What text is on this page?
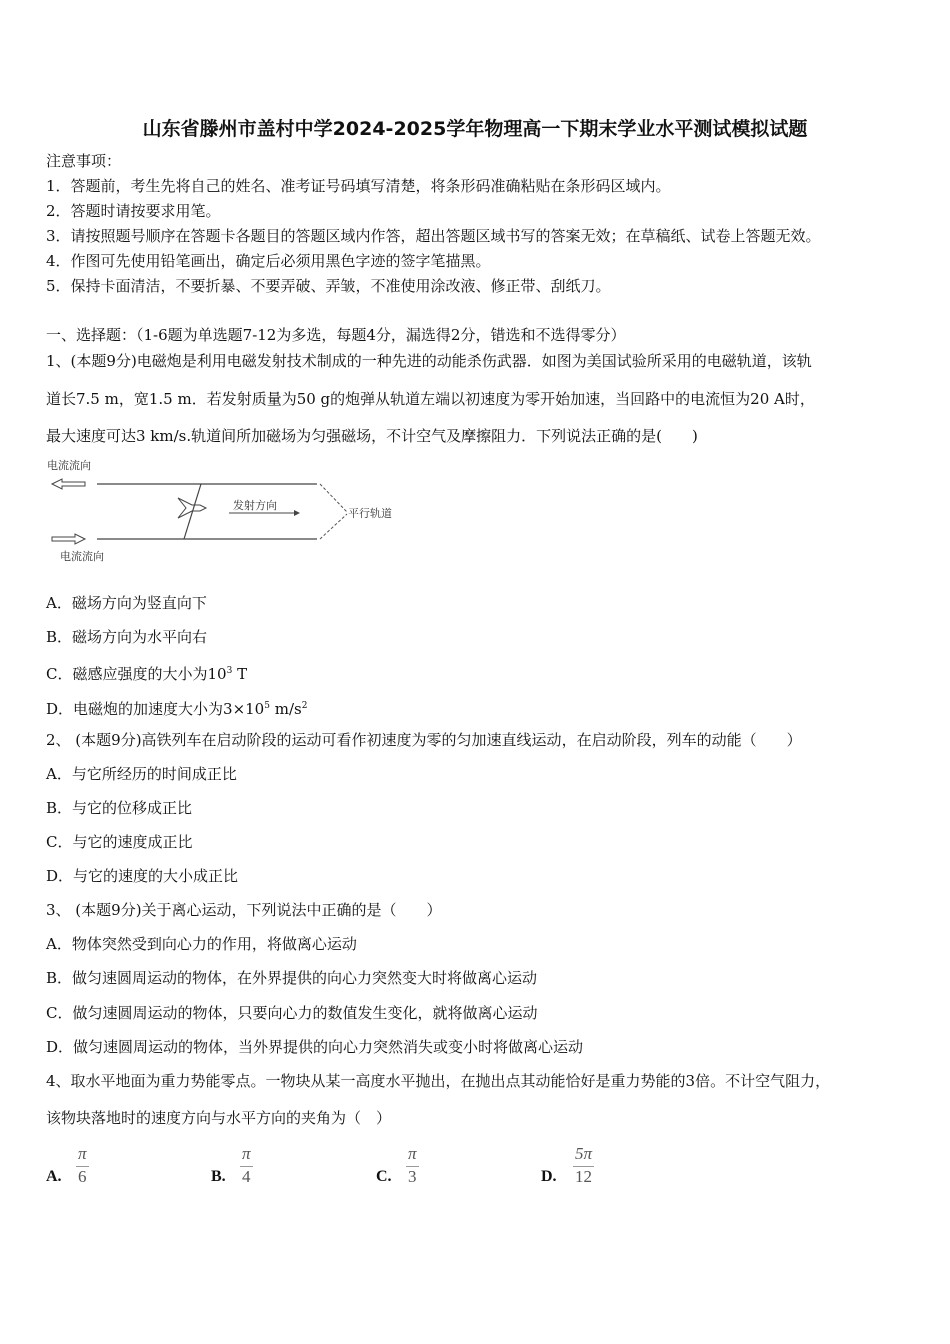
山东省滕州市盖村中学2024-2025学年物理高一下期末学业水平测试模拟试题
注意事项：
1．答题前，考生先将自己的姓名、准考证号码填写清楚，将条形码准确粘贴在条形码区域内。
2．答题时请按要求用笔。
3．请按照题号顺序在答题卡各题目的答题区域内作答，超出答题区域书写的答案无效；在草稿纸、试卷上答题无效。
4．作图可先使用铅笔画出，确定后必须用黑色字迹的签字笔描黑。
5．保持卡面清洁，不要折暴、不要弄破、弄皱，不准使用涂改液、修正带、刮纸刀。
一、选择题：（1-6题为单选题7-12为多选，每题4分，漏选得2分，错选和不选得零分）
1、(本题9分)电磁炮是利用电磁发射技术制成的一种先进的动能杀伤武器．如图为美国试验所采用的电磁轨道，该轨
道长7.5 m，宽1.5 m．若发射质量为50 g的炮弹从轨道左端以初速度为零开始加速，当回路中的电流恒为20 A时，
最大速度可达3 km/s.轨道间所加磁场为匀强磁场，不计空气及摩擦阻力．下列说法正确的是(　　)
电流流向
发射方向
平行轨道
电流流向
A．磁场方向为竖直向下
B．磁场方向为水平向右
C．磁感应强度的大小为$10^3$ T
D．电磁炮的加速度大小为$3\times 10^5$ $m/s^2$
2、 (本题9分)高铁列车在启动阶段的运动可看作初速度为零的匀加速直线运动，在启动阶段，列车的动能（　　）
A．与它所经历的时间成正比
B．与它的位移成正比
C．与它的速度成正比
D．与它的速度的大小成正比
3、 (本题9分)关于离心运动，下列说法中正确的是（　　）
A．物体突然受到向心力的作用，将做离心运动
B．做匀速圆周运动的物体，在外界提供的向心力突然变大时将做离心运动
C．做匀速圆周运动的物体，只要向心力的数值发生变化，就将做离心运动
D．做匀速圆周运动的物体，当外界提供的向心力突然消失或变小时将做离心运动
4、取水平地面为重力势能零点。一物块从某一高度水平抛出，在抛出点其动能恰好是重力势能的3倍。不计空气阻力，
该物块落地时的速度方向与水平方向的夹角为（　）
A. $\frac{\pi}{6}$	B. $\frac{\pi}{4}$	C. $\frac{\pi}{3}$	D. $\frac{5\pi}{12}$
